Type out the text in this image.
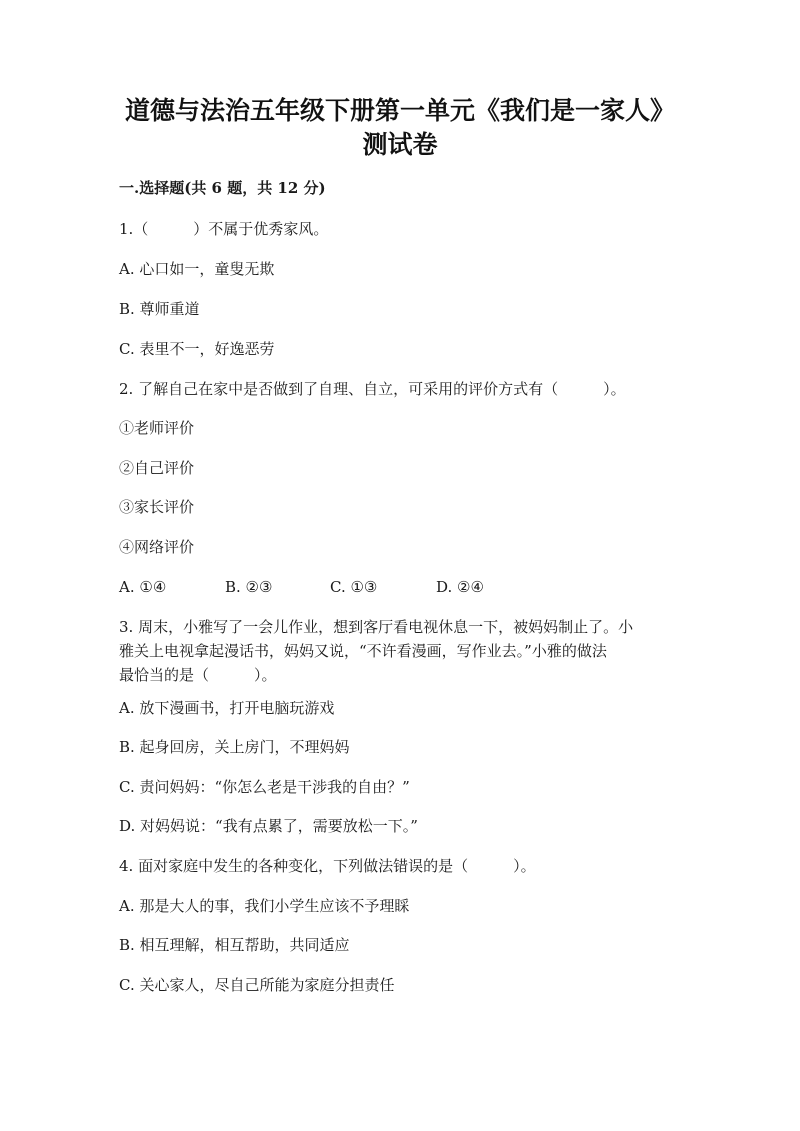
道德与法治五年级下册第一单元《我们是一家人》
测试卷
一.选择题(共 6 题，共 12 分)
1.（　　　）不属于优秀家风。
A. 心口如一，童叟无欺
B. 尊师重道
C. 表里不一，好逸恶劳
2. 了解自己在家中是否做到了自理、自立，可采用的评价方式有（　　　）。
①老师评价
②自己评价
③家长评价
④网络评价
A. ①④	B. ②③	C. ①③	D. ②④
3. 周末，小雅写了一会儿作业，想到客厅看电视休息一下，被妈妈制止了。小
雅关上电视拿起漫话书，妈妈又说，“不许看漫画，写作业去。”小雅的做法
最恰当的是（　　　）。
A. 放下漫画书，打开电脑玩游戏
B. 起身回房，关上房门，不理妈妈
C. 责问妈妈：“你怎么老是干涉我的自由？”
D. 对妈妈说：“我有点累了，需要放松一下。”
4. 面对家庭中发生的各种变化，下列做法错误的是（　　　）。
A. 那是大人的事，我们小学生应该不予理睬
B. 相互理解，相互帮助，共同适应
C. 关心家人，尽自己所能为家庭分担责任
